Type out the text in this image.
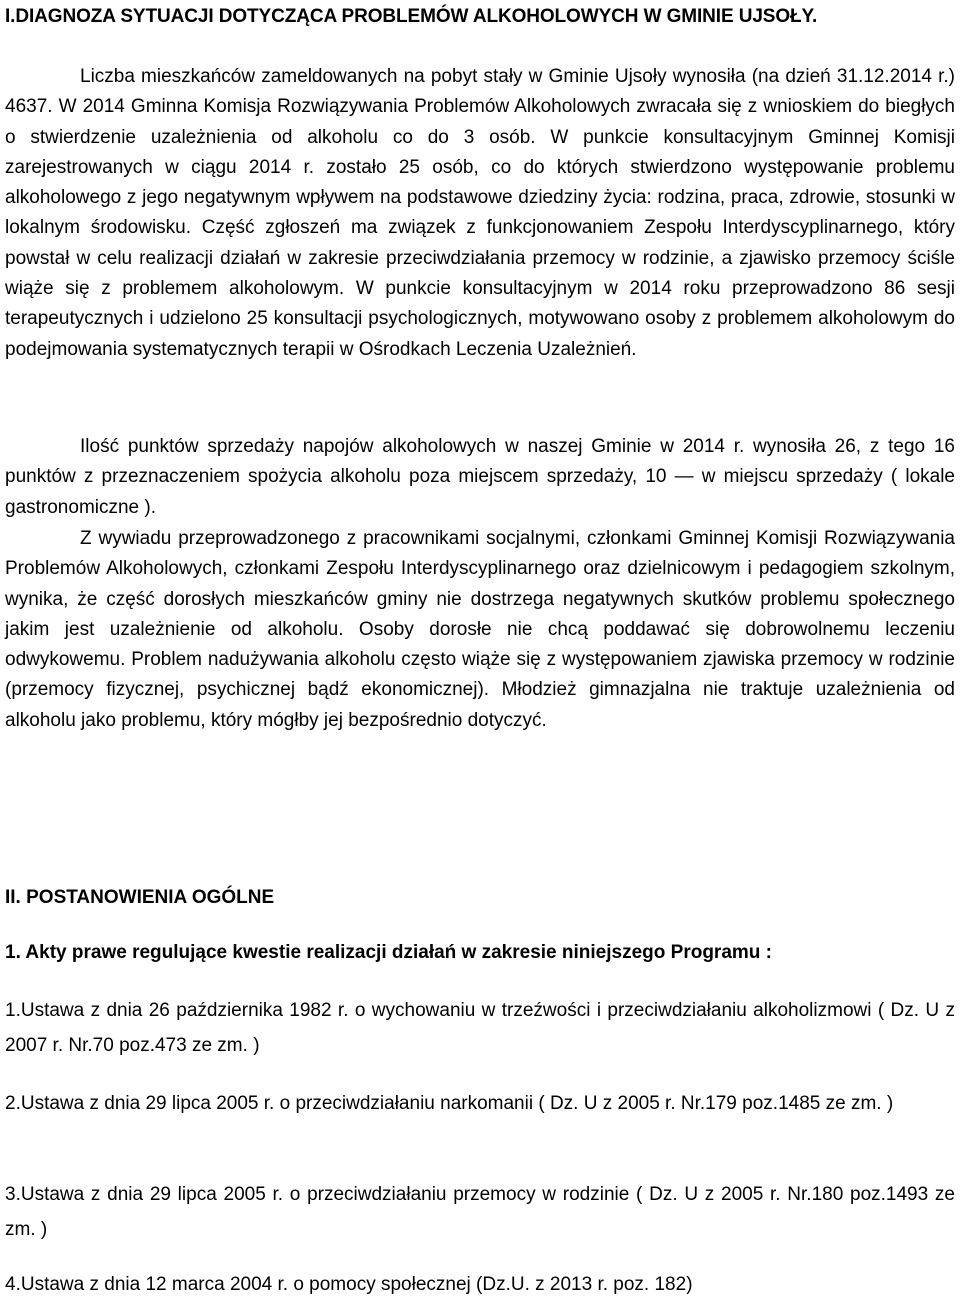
I.DIAGNOZA SYTUACJI DOTYCZĄCA PROBLEMÓW ALKOHOLOWYCH W GMINIE UJSOŁY.

Liczba mieszkańców zameldowanych na pobyt stały w Gminie Ujsoły wynosiła (na dzień 31.12.2014 r.) 4637. W 2014 Gminna Komisja Rozwiązywania Problemów Alkoholowych zwracała się z wnioskiem do biegłych o stwierdzenie uzależnienia od alkoholu co do 3 osób. W punkcie konsultacyjnym Gminnej Komisji zarejestrowanych w ciągu 2014 r. zostało 25 osób, co do których stwierdzono występowanie problemu alkoholowego z jego negatywnym wpływem na podstawowe dziedziny życia: rodzina, praca, zdrowie, stosunki w lokalnym środowisku. Część zgłoszeń ma związek z funkcjonowaniem Zespołu Interdyscyplinarnego, który powstał w celu realizacji działań w zakresie przeciwdziałania przemocy w rodzinie, a zjawisko przemocy ściśle wiąże się z problemem alkoholowym. W punkcie konsultacyjnym w 2014 roku przeprowadzono 86 sesji terapeutycznych i udzielono 25 konsultacji psychologicznych, motywowano osoby z problemem alkoholowym do podejmowania systematycznych terapii w Ośrodkach Leczenia Uzależnień.

Ilość punktów sprzedaży napojów alkoholowych w naszej Gminie w 2014 r. wynosiła 26, z tego 16 punktów z przeznaczeniem spożycia alkoholu poza miejscem sprzedaży, 10 — w miejscu sprzedaży ( lokale gastronomiczne ).

Z wywiadu przeprowadzonego z pracownikami socjalnymi, członkami Gminnej Komisji Rozwiązywania Problemów Alkoholowych, członkami Zespołu Interdyscyplinarnego oraz dzielnicowym i pedagogiem szkolnym, wynika, że część dorosłych mieszkańców gminy nie dostrzega negatywnych skutków problemu społecznego jakim jest uzależnienie od alkoholu. Osoby dorosłe nie chcą poddawać się dobrowolnemu leczeniu odwykowemu. Problem nadużywania alkoholu często wiąże się z występowaniem zjawiska przemocy w rodzinie (przemocy fizycznej, psychicznej bądź ekonomicznej). Młodzież gimnazjalna nie traktuje uzależnienia od alkoholu jako problemu, który mógłby jej bezpośrednio dotyczyć.

II. POSTANOWIENIA OGÓLNE

1. Akty prawe regulujące kwestie realizacji działań w zakresie niniejszego Programu :

1.Ustawa z dnia 26 października 1982 r. o wychowaniu w trzeźwości i przeciwdziałaniu alkoholizmowi ( Dz. U z 2007 r. Nr.70 poz.473 ze zm. )

2.Ustawa z dnia 29 lipca 2005 r. o przeciwdziałaniu narkomanii ( Dz. U z 2005 r. Nr.179 poz.1485 ze zm. )

3.Ustawa z dnia 29 lipca 2005 r. o przeciwdziałaniu przemocy w rodzinie ( Dz. U z 2005 r. Nr.180 poz.1493 ze zm. )

4.Ustawa z dnia 12 marca 2004 r. o pomocy społecznej (Dz.U. z 2013 r. poz. 182)
